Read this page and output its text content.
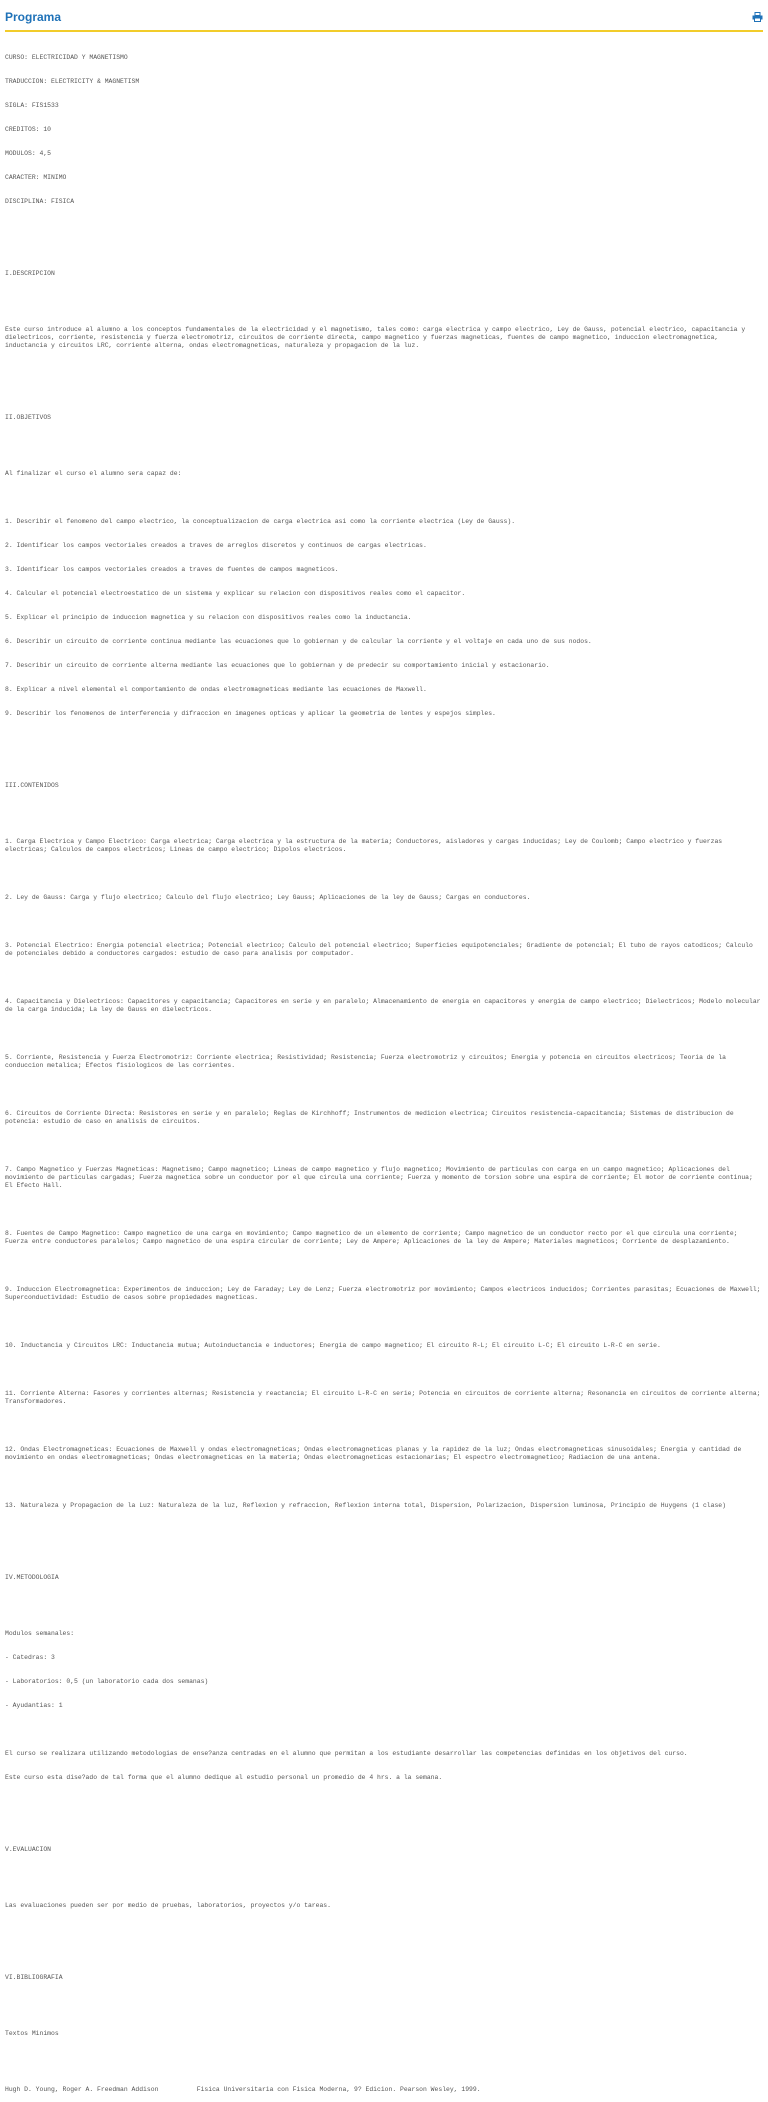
Programa

CURSO: ELECTRICIDAD Y MAGNETISMO

TRADUCCION: ELECTRICITY & MAGNETISM

SIGLA: FIS1533

CREDITOS: 10

MODULOS: 4,5

CARACTER: MINIMO

DISCIPLINA: FISICA

I.DESCRIPCION

Este curso introduce al alumno a los conceptos fundamentales de la electricidad y el magnetismo, tales como: carga electrica y campo electrico, Ley de Gauss, potencial electrico, capacitancia y dielectricos, corriente, resistencia y fuerza electromotriz, circuitos de corriente directa, campo magnetico y fuerzas magneticas, fuentes de campo magnetico, induccion electromagnetica, inductancia y circuitos LRC, corriente alterna, ondas electromagneticas, naturaleza y propagacion de la luz.

II.OBJETIVOS

Al finalizar el curso el alumno sera capaz de:

1. Describir el fenomeno del campo electrico, la conceptualizacion de carga electrica asi como la corriente electrica (Ley de Gauss).

2. Identificar los campos vectoriales creados a traves de arreglos discretos y continuos de cargas electricas.

3. Identificar los campos vectoriales creados a traves de fuentes de campos magneticos.

4. Calcular el potencial electroestatico de un sistema y explicar su relacion con dispositivos reales como el capacitor.

5. Explicar el principio de induccion magnetica y su relacion con dispositivos reales como la inductancia.

6. Describir un circuito de corriente continua mediante las ecuaciones que lo gobiernan y de calcular la corriente y el voltaje en cada uno de sus nodos.

7. Describir un circuito de corriente alterna mediante las ecuaciones que lo gobiernan y de predecir su comportamiento inicial y estacionario.

8. Explicar a nivel elemental el comportamiento de ondas electromagneticas mediante las ecuaciones de Maxwell.

9. Describir los fenomenos de interferencia y difraccion en imagenes opticas y aplicar la geometria de lentes y espejos simples.

III.CONTENIDOS

1. Carga Electrica y Campo Electrico: Carga electrica; Carga electrica y la estructura de la materia; Conductores, aisladores y cargas inducidas; Ley de Coulomb; Campo electrico y fuerzas electricas; Calculos de campos electricos; Lineas de campo electrico; Dipolos electricos.

2. Ley de Gauss: Carga y flujo electrico; Calculo del flujo electrico; Ley Gauss; Aplicaciones de la ley de Gauss; Cargas en conductores.

3. Potencial Electrico: Energia potencial electrica; Potencial electrico; Calculo del potencial electrico; Superficies equipotenciales; Gradiente de potencial; El tubo de rayos catodicos; Calculo de potenciales debido a conductores cargados: estudio de caso para analisis por computador.

4. Capacitancia y Dielectricos: Capacitores y capacitancia; Capacitores en serie y en paralelo; Almacenamiento de energia en capacitores y energia de campo electrico; Dielectricos; Modelo molecular de la carga inducida; La ley de Gauss en dielectricos.

5. Corriente, Resistencia y Fuerza Electromotriz: Corriente electrica; Resistividad; Resistencia; Fuerza electromotriz y circuitos; Energia y potencia en circuitos electricos; Teoria de la conduccion metalica; Efectos fisiologicos de las corrientes.

6. Circuitos de Corriente Directa: Resistores en serie y en paralelo; Reglas de Kirchhoff; Instrumentos de medicion electrica; Circuitos resistencia-capacitancia; Sistemas de distribucion de potencia: estudio de caso en analisis de circuitos.

7. Campo Magnetico y Fuerzas Magneticas: Magnetismo; Campo magnetico; Lineas de campo magnetico y flujo magnetico; Movimiento de particulas con carga en un campo magnetico; Aplicaciones del movimiento de particulas cargadas; Fuerza magnetica sobre un conductor por el que circula una corriente; Fuerza y momento de torsion sobre una espira de corriente; El motor de corriente continua; El Efecto Hall.

8. Fuentes de Campo Magnetico: Campo magnetico de una carga en movimiento; Campo magnetico de un elemento de corriente; Campo magnetico de un conductor recto por el que circula una corriente; Fuerza entre conductores paralelos; Campo magnetico de una espira circular de corriente; Ley de Ampere; Aplicaciones de la ley de Ampere; Materiales magneticos; Corriente de desplazamiento.

9. Induccion Electromagnetica: Experimentos de induccion; Ley de Faraday; Ley de Lenz; Fuerza electromotriz por movimiento; Campos electricos inducidos; Corrientes parasitas; Ecuaciones de Maxwell; Superconductividad: Estudio de casos sobre propiedades magneticas.

10. Inductancia y Circuitos LRC: Inductancia mutua; Autoinductancia e inductores; Energia de campo magnetico; El circuito R-L; El circuito L-C; El circuito L-R-C en serie.

11. Corriente Alterna: Fasores y corrientes alternas; Resistencia y reactancia; El circuito L-R-C en serie; Potencia en circuitos de corriente alterna; Resonancia en circuitos de corriente alterna; Transformadores.

12. Ondas Electromagneticas: Ecuaciones de Maxwell y ondas electromagneticas; Ondas electromagneticas planas y la rapidez de la luz; Ondas electromagneticas sinusoidales; Energia y cantidad de movimiento en ondas electromagneticas; Ondas electromagneticas en la materia; Ondas electromagneticas estacionarias; El espectro electromagnetico; Radiacion de una antena.

13. Naturaleza y Propagacion de la Luz: Naturaleza de la luz, Reflexion y refraccion, Reflexion interna total, Dispersion, Polarizacion, Dispersion luminosa, Principio de Huygens (1 clase)

IV.METODOLOGIA

Modulos semanales:

- Catedras: 3

- Laboratorios: 0,5 (un laboratorio cada dos semanas)

- Ayudantias: 1

El curso se realizara utilizando metodologias de ense?anza centradas en el alumno que permitan a los estudiante desarrollar las competencias definidas en los objetivos del curso.

Este curso esta dise?ado de tal forma que el alumno dedique al estudio personal un promedio de 4 hrs. a la semana.

V.EVALUACION

Las evaluaciones pueden ser por medio de pruebas, laboratorios, proyectos y/o tareas.

VI.BIBLIOGRAFIA

Textos Minimos

Hugh D. Young, Roger A. Freedman Addison          Fisica Universitaria con Fisica Moderna, 9? Edicion. Pearson Wesley, 1999.
